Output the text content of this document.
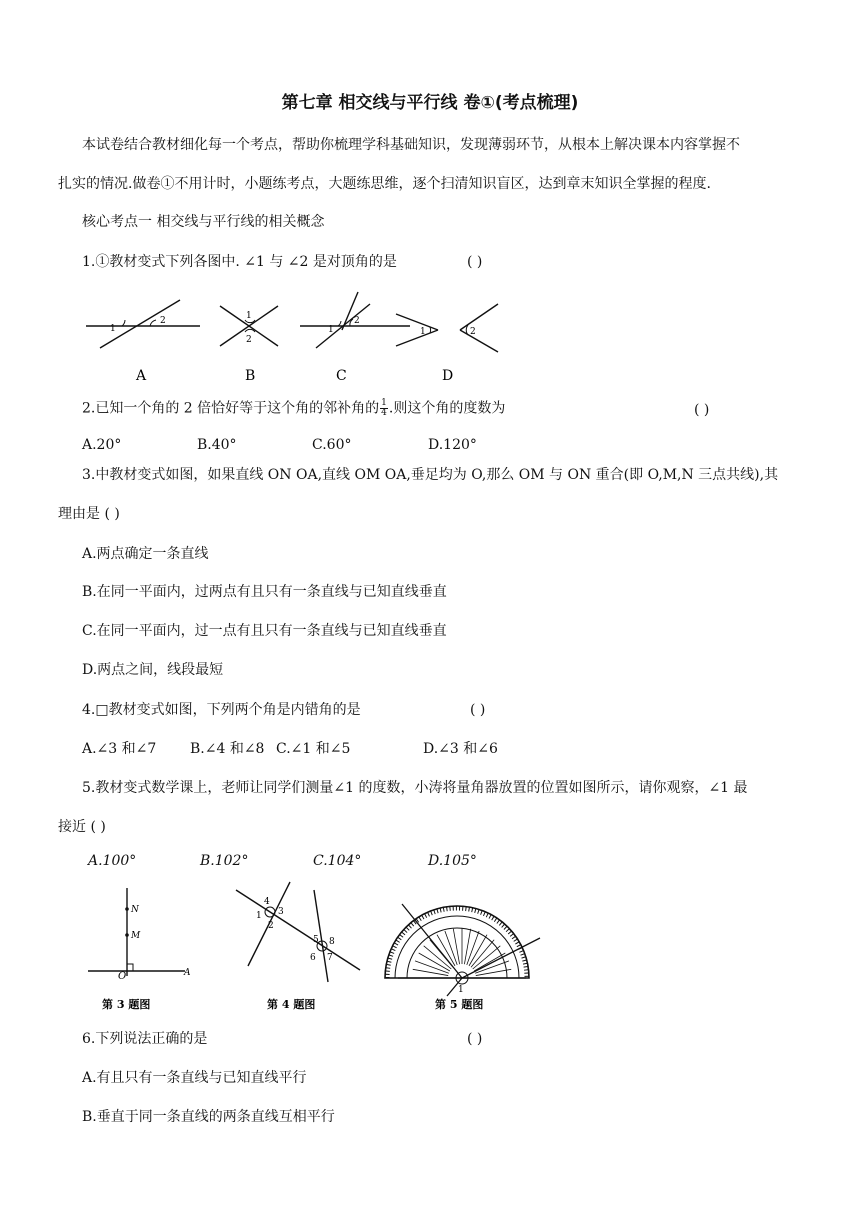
第七章 相交线与平行线 卷①(考点梳理)
本试卷结合教材细化每一个考点，帮助你梳理学科基础知识，发现薄弱环节，从根本上解决课本内容掌握不
扎实的情况.做卷①不用计时，小题练考点，大题练思维，逐个扫清知识盲区，达到章末知识全掌握的程度.
核心考点一 相交线与平行线的相关概念
1.①教材变式下列各图中. ∠1 与 ∠2 是对顶角的是	( )
1
2
A
1
2
B
1
2
C
1	2
D
2.已知一个角的 2 倍恰好等于这个角的邻补角的 $\frac{1}{4}$ .则这个角的度数为	( )
A.20°	B.40°	C.60°	D.120°
3.中教材变式如图，如果直线 ON OA,直线 OM OA,垂足均为 O,那么 OM 与 ON 重合(即 O,M,N 三点共线),其
理由是 ( )
A.两点确定一条直线
B.在同一平面内，过两点有且只有一条直线与已知直线垂直
C.在同一平面内，过一点有且只有一条直线与已知直线垂直
D.两点之间，线段最短
4.□教材变式如图，下列两个角是内错角的是	( )
A.∠3 和∠7 B.∠4 和∠8 C.∠1 和∠5	D.∠3 和∠6
5.教材变式数学课上，老师让同学们测量∠1 的度数，小涛将量角器放置的位置如图所示，请你观察，∠1 最
接近 ( )
A.100°	B.102°	C.104°	D.105°
N
M
O	A
第 3 题图
4
1 3
2
5 8
6 7
第 4 题图
1
第 5 题图
6.下列说法正确的是	( )
A.有且只有一条直线与已知直线平行
B.垂直于同一条直线的两条直线互相平行
